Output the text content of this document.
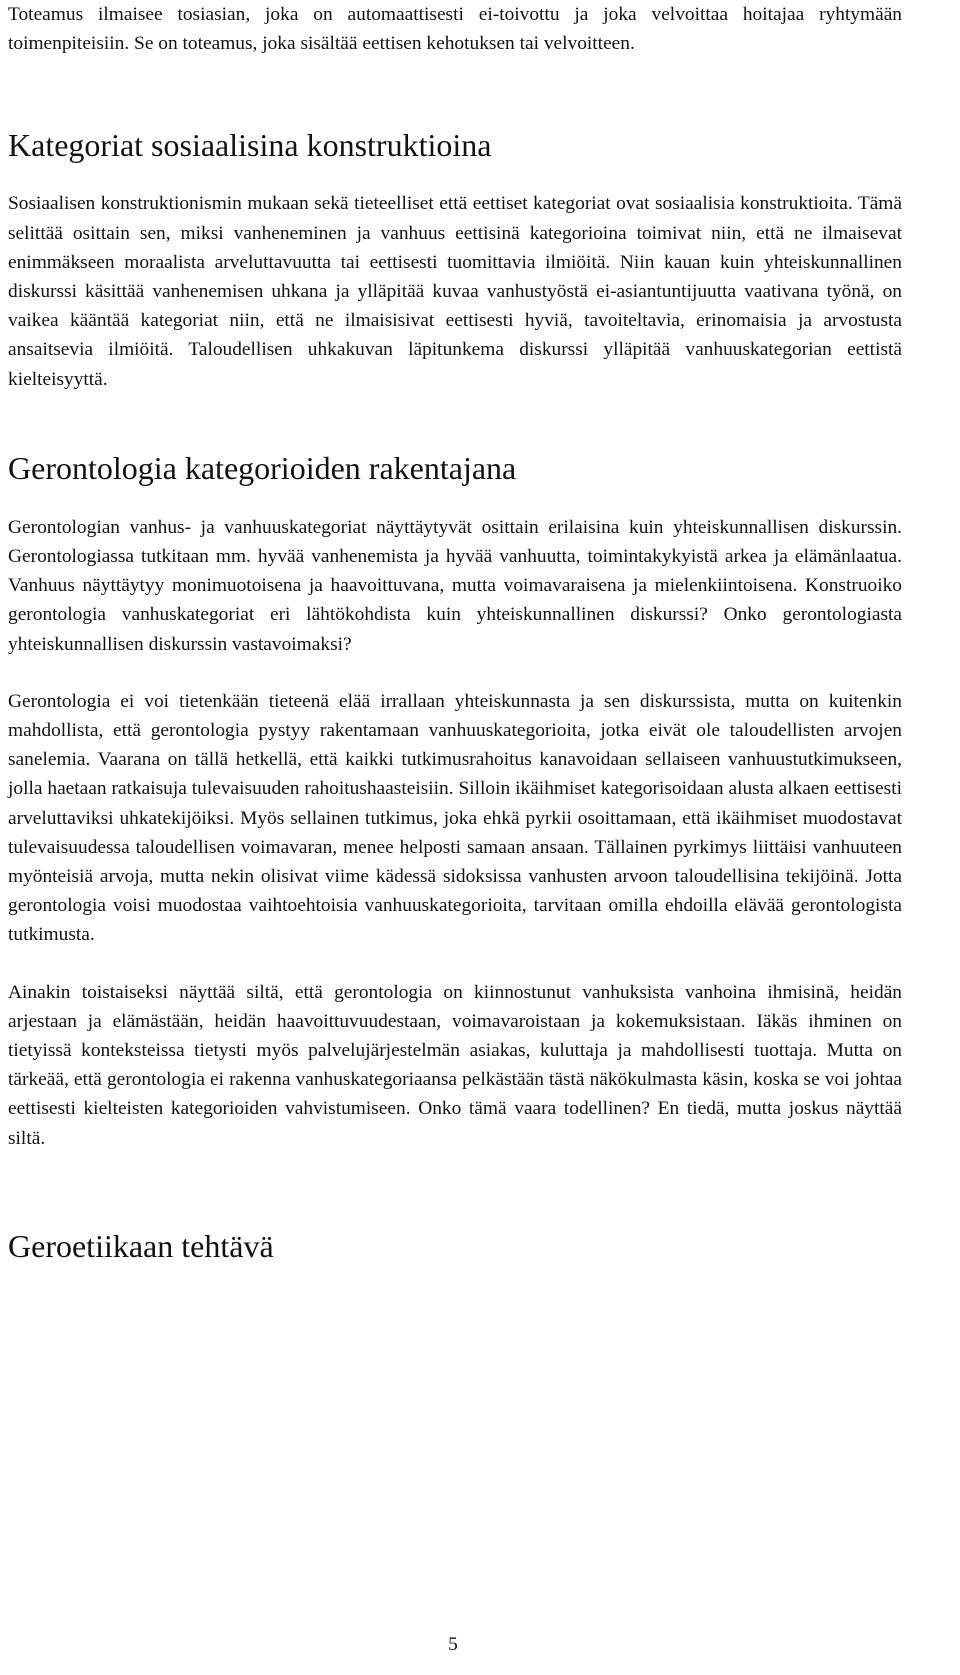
Toteamus ilmaisee tosiasian, joka on automaattisesti ei-toivottu ja joka velvoittaa hoitajaa ryhtymään toimenpiteisiin. Se on toteamus, joka sisältää eettisen kehotuksen tai velvoitteen.

Kategoriat sosiaalisina konstruktioina

Sosiaalisen konstruktionismin mukaan sekä tieteelliset että eettiset kategoriat ovat sosiaalisia konstruktioita. Tämä selittää osittain sen, miksi vanheneminen ja vanhuus eettisinä kategorioina toimivat niin, että ne ilmaisevat enimmäkseen moraalista arveluttavuutta tai eettisesti tuomittavia ilmiöitä. Niin kauan kuin yhteiskunnallinen diskurssi käsittää vanhenemisen uhkana ja ylläpitää kuvaa vanhustyöstä ei-asiantuntijuutta vaativana työnä, on vaikea kääntää kategoriat niin, että ne ilmaisisivat eettisesti hyviä, tavoiteltavia, erinomaisia ja arvostusta ansaitsevia ilmiöitä. Taloudellisen uhkakuvan läpitunkema diskurssi ylläpitää vanhuuskategorian eettistä kielteisyyttä.

Gerontologia kategorioiden rakentajana

Gerontologian vanhus- ja vanhuuskategoriat näyttäytyvät osittain erilaisina kuin yhteiskunnallisen diskurssin. Gerontologiassa tutkitaan mm. hyvää vanhenemista ja hyvää vanhuutta, toimintakykyistä arkea ja elämänlaatua. Vanhuus näyttäytyy monimuotoisena ja haavoittuvana, mutta voimavaraisena ja mielenkiintoisena. Konstruoiko gerontologia vanhuskategoriat eri lähtökohdista kuin yhteiskunnallinen diskurssi? Onko gerontologiasta yhteiskunnallisen diskurssin vastavoimaksi?

Gerontologia ei voi tietenkään tieteenä elää irrallaan yhteiskunnasta ja sen diskurssista, mutta on kuitenkin mahdollista, että gerontologia pystyy rakentamaan vanhuuskategorioita, jotka eivät ole taloudellisten arvojen sanelemia. Vaarana on tällä hetkellä, että kaikki tutkimusrahoitus kanavoidaan sellaiseen vanhuustutkimukseen, jolla haetaan ratkaisuja tulevaisuuden rahoitushaasteisiin. Silloin ikäihmiset kategorisoidaan alusta alkaen eettisesti arveluttaviksi uhkatekijöiksi. Myös sellainen tutkimus, joka ehkä pyrkii osoittamaan, että ikäihmiset muodostavat tulevaisuudessa taloudellisen voimavaran, menee helposti samaan ansaan. Tällainen pyrkimys liittäisi vanhuuteen myönteisiä arvoja, mutta nekin olisivat viime kädessä sidoksissa vanhusten arvoon taloudellisina tekijöinä. Jotta gerontologia voisi muodostaa vaihtoehtoisia vanhuuskategorioita, tarvitaan omilla ehdoilla elävää gerontologista tutkimusta.

Ainakin toistaiseksi näyttää siltä, että gerontologia on kiinnostunut vanhuksista vanhoina ihmisinä, heidän arjestaan ja elämästään, heidän haavoittuvuudestaan, voimavaroistaan ja kokemuksistaan. Iäkäs ihminen on tietyissä konteksteissa tietysti myös palvelujärjestelmän asiakas, kuluttaja ja mahdollisesti tuottaja. Mutta on tärkeää, että gerontologia ei rakenna vanhuskategoriaansa pelkästään tästä näkökulmasta käsin, koska se voi johtaa eettisesti kielteisten kategorioiden vahvistumiseen. Onko tämä vaara todellinen? En tiedä, mutta joskus näyttää siltä.

Geroetiikaan tehtävä
5
